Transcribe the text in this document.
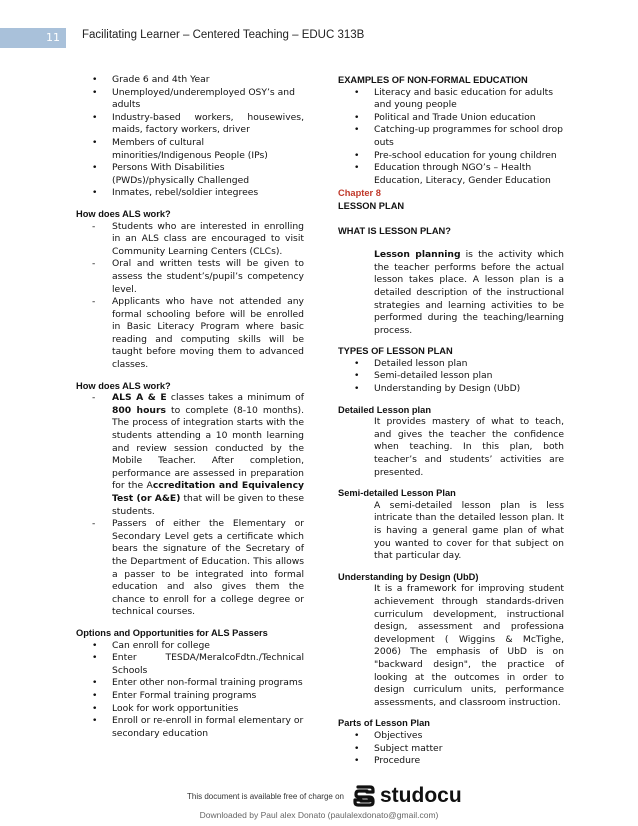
11	Facilitating Learner – Centered Teaching – EDUC 313B
• Grade 6 and 4th Year
• Unemployed/underemployed OSY’s and adults
• Industry-based workers, housewives, maids, factory workers, driver
• Members of cultural minorities/Indigenous People (IPs)
• Persons With Disabilities (PWDs)/physically Challenged
• Inmates, rebel/soldier integrees

How does ALS work?

- Students who are interested in enrolling in an ALS class are encouraged to visit Community Learning Centers (CLCs).
- Oral and written tests will be given to assess the student’s/pupil’s competency level.
- Applicants who have not attended any formal schooling before will be enrolled in Basic Literacy Program where basic reading and computing skills will be taught before moving them to advanced classes.

How does ALS work?

- ALS A & E classes takes a minimum of 800 hours to complete (8-10 months). The process of integration starts with the students attending a 10 month learning and review session conducted by the Mobile Teacher. After completion, performance are assessed in preparation for the Accreditation and Equivalency Test (or A&E) that will be given to these students.
- Passers of either the Elementary or Secondary Level gets a certificate which bears the signature of the Secretary of the Department of Education. This allows a passer to be integrated into formal education and also gives them the chance to enroll for a college degree or technical courses.

Options and Opportunities for ALS Passers

• Can enroll for college
• Enter TESDA/MeralcoFdtn./Technical Schools
• Enter other non-formal training programs
• Enter Formal training programs
• Look for work opportunities
• Enroll or re-enroll in formal elementary or secondary education

EXAMPLES OF NON-FORMAL EDUCATION

• Literacy and basic education for adults and young people
• Political and Trade Union education
• Catching-up programmes for school drop outs
• Pre-school education for young children
• Education through NGO’s – Health Education, Literacy, Gender Education

Chapter 8

LESSON PLAN

WHAT IS LESSON PLAN?

Lesson planning is the activity which the teacher performs before the actual lesson takes place. A lesson plan is a detailed description of the instructional strategies and learning activities to be performed during the teaching/learning process.

TYPES OF LESSON PLAN

• Detailed lesson plan
• Semi-detailed lesson plan
• Understanding by Design (UbD)

Detailed Lesson plan

It provides mastery of what to teach, and gives the teacher the confidence when teaching. In this plan, both teacher’s and students’ activities are presented.

Semi-detailed Lesson Plan

A semi-detailed lesson plan is less intricate than the detailed lesson plan. It is having a general game plan of what you wanted to cover for that subject on that particular day.

Understanding by Design (UbD)

It is a framework for improving student achievement through standards-driven curriculum development, instructional design, assessment and professiona development ( Wiggins & McTighe, 2006) The emphasis of UbD is on "backward design", the practice of looking at the outcomes in order to design curriculum units, performance assessments, and classroom instruction.

Parts of Lesson Plan

• Objectives
• Subject matter
• Procedure
This document is available free of charge on studocu
Downloaded by Paul alex Donato (paulalexdonato@gmail.com)
